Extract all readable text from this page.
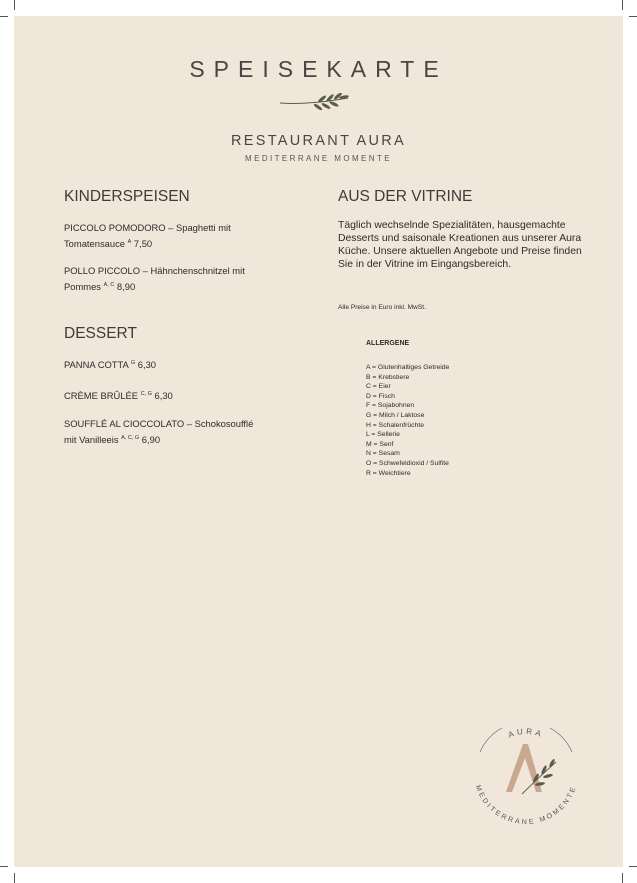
SPEISEKARTE
RESTAURANT AURA
MEDITERRANE MOMENTE
KINDERSPEISEN
PICCOLO POMODORO – Spaghetti mit
Tomatensauce $^A$ 7,50
POLLO PICCOLO – Hähnchenschnitzel mit
Pommes $^{A, C}$ 8,90
DESSERT
PANNA COTTA $^G$ 6,30
CRÈME BRÛLÉE $^{C, G}$ 6,30
SOUFFLÉ AL CIOCCOLATO – Schokosoufflé
mit Vanilleeis $^{A, C, G}$ 6,90
AUS DER VITRINE
Täglich wechselnde Spezialitäten, hausgemachte Desserts und saisonale Kreationen aus unserer Aura Küche. Unsere aktuellen Angebote und Preise finden Sie in der Vitrine im Eingangsbereich.
Alle Preise in Euro inkl. MwSt.
ALLERGENE
A = Glutenhaltiges Getreide
B = Krebstiere
C = Eier
D = Fisch
F = Sojabohnen
G = Milch / Laktose
H = Schalenfrüchte
L = Sellerie
M = Senf
N = Sesam
O = Schwefeldioxid / Sulfite
R = Weichtiere
AURA
MEDITERRANE MOMENTE
